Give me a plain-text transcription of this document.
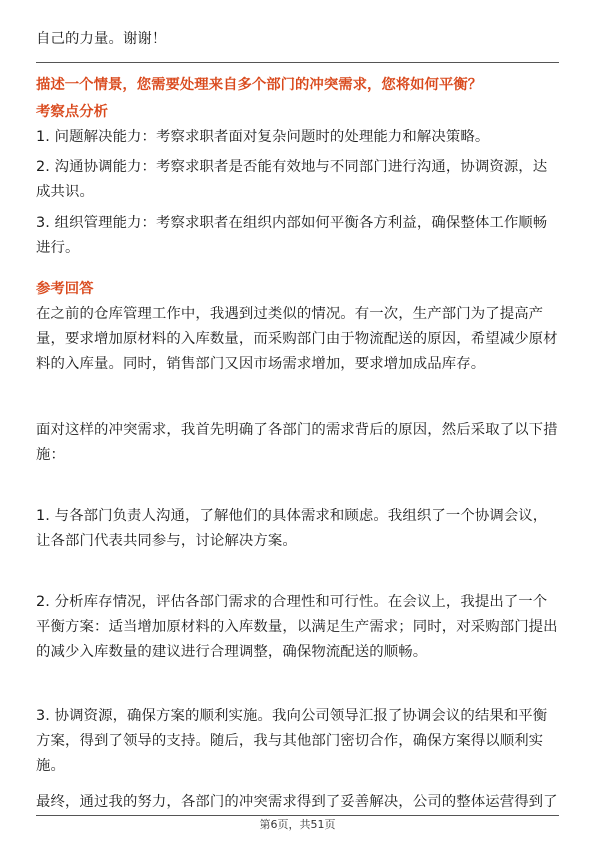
自己的力量。谢谢！

描述一个情景，您需要处理来自多个部门的冲突需求，您将如何平衡？

考察点分析

1. 问题解决能力：考察求职者面对复杂问题时的处理能力和解决策略。

2. 沟通协调能力：考察求职者是否能有效地与不同部门进行沟通，协调资源，达成共识。

3. 组织管理能力：考察求职者在组织内部如何平衡各方利益，确保整体工作顺畅进行。

参考回答

在之前的仓库管理工作中，我遇到过类似的情况。有一次，生产部门为了提高产量，要求增加原材料的入库数量，而采购部门由于物流配送的原因，希望减少原材料的入库量。同时，销售部门又因市场需求增加，要求增加成品库存。

面对这样的冲突需求，我首先明确了各部门的需求背后的原因，然后采取了以下措施：

1. 与各部门负责人沟通，了解他们的具体需求和顾虑。我组织了一个协调会议，让各部门代表共同参与，讨论解决方案。

2. 分析库存情况，评估各部门需求的合理性和可行性。在会议上，我提出了一个平衡方案：适当增加原材料的入库数量，以满足生产需求；同时，对采购部门提出的减少入库数量的建议进行合理调整，确保物流配送的顺畅。

3. 协调资源，确保方案的顺利实施。我向公司领导汇报了协调会议的结果和平衡方案，得到了领导的支持。随后，我与其他部门密切合作，确保方案得以顺利实施。

最终，通过我的努力，各部门的冲突需求得到了妥善解决，公司的整体运营得到了

第6页，共51页
